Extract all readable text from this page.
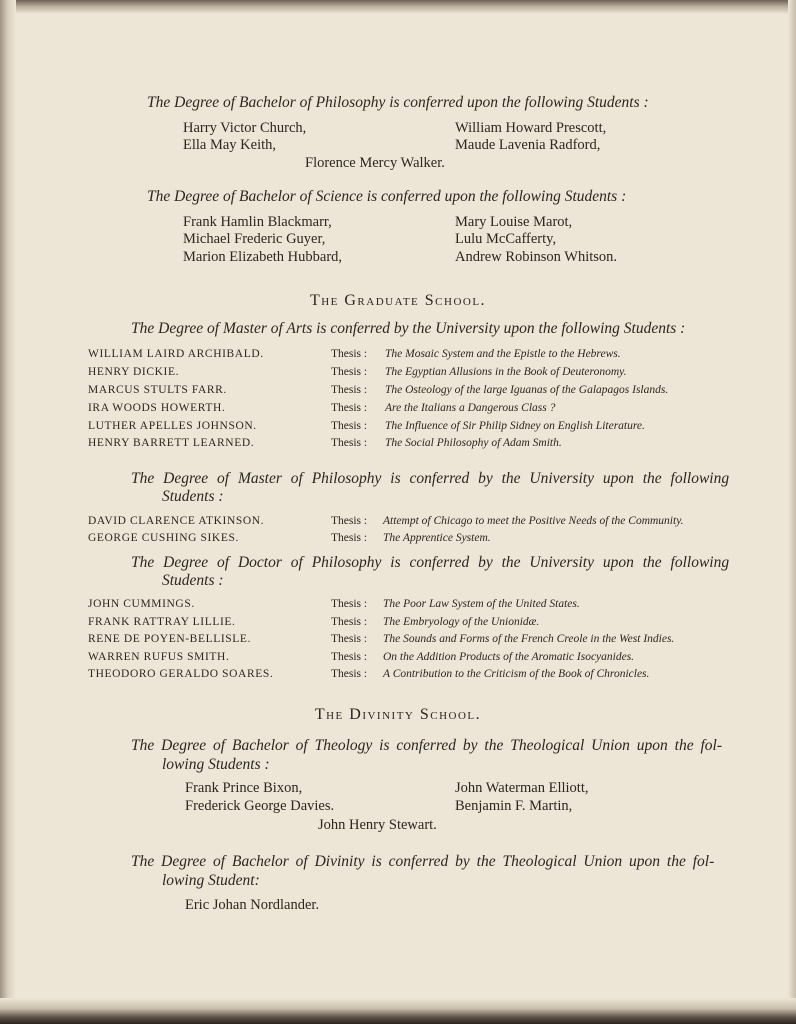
The Degree of Bachelor of Philosophy is conferred upon the following Students :
Harry Victor Church,	William Howard Prescott,
Ella May Keith,	Maude Lavenia Radford,
Florence Mercy Walker.
The Degree of Bachelor of Science is conferred upon the following Students :
Frank Hamlin Blackmarr,	Mary Louise Marot,
Michael Frederic Guyer,	Lulu McCafferty,
Marion Elizabeth Hubbard,	Andrew Robinson Whitson.
The Graduate School.
The Degree of Master of Arts is conferred by the University upon the following Students :
WILLIAM LAIRD ARCHIBALD.	Thesis : The Mosaic System and the Epistle to the Hebrews.
HENRY DICKIE.	Thesis : The Egyptian Allusions in the Book of Deuteronomy.
MARCUS STULTS FARR.	Thesis : The Osteology of the large Iguanas of the Galapagos Islands.
IRA WOODS HOWERTH.	Thesis : Are the Italians a Dangerous Class ?
LUTHER APELLES JOHNSON.	Thesis : The Influence of Sir Philip Sidney on English Literature.
HENRY BARRETT LEARNED.	Thesis : The Social Philosophy of Adam Smith.
The Degree of Master of Philosophy is conferred by the University upon the following
Students :
DAVID CLARENCE ATKINSON.	Thesis : Attempt of Chicago to meet the Positive Needs of the Community.
GEORGE CUSHING SIKES.	Thesis : The Apprentice System.
The Degree of Doctor of Philosophy is conferred by the University upon the following
Students :
JOHN CUMMINGS.	Thesis : The Poor Law System of the United States.
FRANK RATTRAY LILLIE.	Thesis : The Embryology of the Unionidæ.
RENE DE POYEN-BELLISLE.	Thesis : The Sounds and Forms of the French Creole in the West Indies.
WARREN RUFUS SMITH.	Thesis : On the Addition Products of the Aromatic Isocyanides.
THEODORO GERALDO SOARES.	Thesis : A Contribution to the Criticism of the Book of Chronicles.
The Divinity School.
The Degree of Bachelor of Theology is conferred by the Theological Union upon the fol-
lowing Students :
Frank Prince Bixon,	John Waterman Elliott,
Frederick George Davies.	Benjamin F. Martin,
John Henry Stewart.
The Degree of Bachelor of Divinity is conferred by the Theological Union upon the fol-
lowing Student:
Eric Johan Nordlander.
